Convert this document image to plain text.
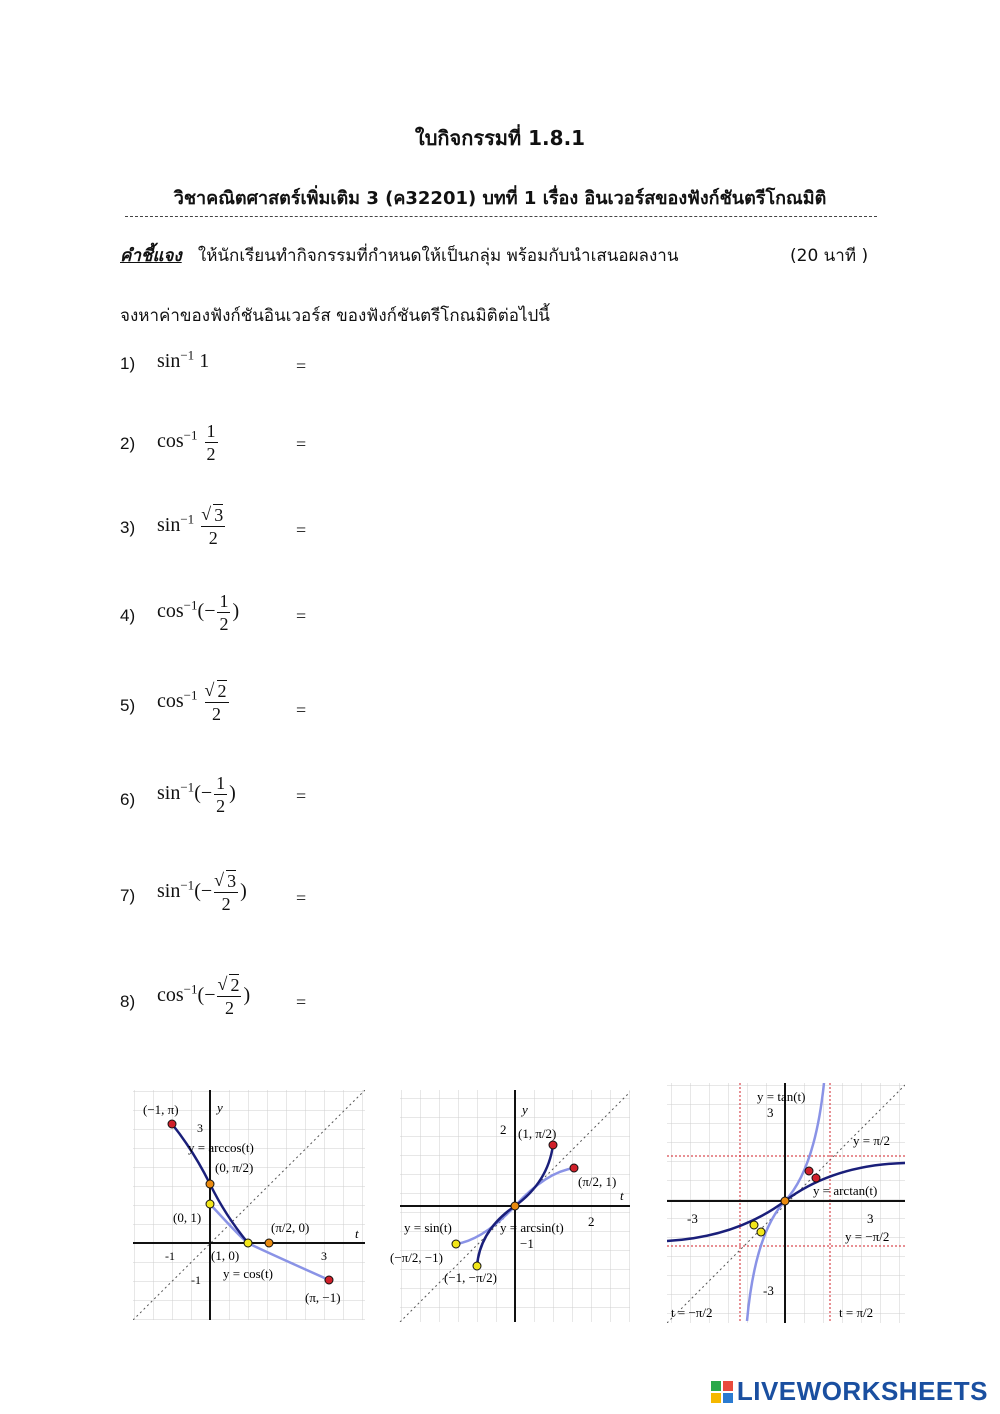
ใบกิจกรรมที่ 1.8.1
วิชาคณิตศาสตร์เพิ่มเติม 3 (ค32201) บทที่ 1 เรื่อง อินเวอร์สของฟังก์ชันตรีโกณมิติ
คำชี้แจง ให้นักเรียนทำกิจกรรมที่กำหนดให้เป็นกลุ่ม พร้อมกับนำเสนอผลงาน	(20 นาที )
จงหาค่าของฟังก์ชันอินเวอร์ส ของฟังก์ชันตรีโกณมิติต่อไปนี้
1) $\sin^{-1} 1$	=
2) $\cos^{-1} \frac{1}{2}$	=
3) $\sin^{-1}$ √ $\frac{3}{2}$	=
4) $\cos^{-1}(- \frac{1}{2}$ )	=
5) $\cos^{-1}$ √ $\frac{2}{2}$	=
6) $\sin^{-1}(- \frac{1}{2}$ )	=
7) $\sin^{-1}(-$ √ $\frac{3}{2}$ )	=
8) $\cos^{-1}(-$ √ $\frac{2}{2}$ )	=
t
y
3
-1
-1
3
(−1, π)
y = arccos(t)
(0, π/2)
(0, 1)
(π/2, 0)
(1, 0)
y = cos(t)
(π, −1)
t
y
2
−1
2
(1, π/2)
(π/2, 1)
y = sin(t)	y = arcsin(t)
(−π/2, −1)
(−1, −π/2)
y = tan(t)
3
y = π/2
y = arctan(t)
-3	3
y = −π/2
-3
t = −π/2	t = π/2
LIVEWORKSHEETS
